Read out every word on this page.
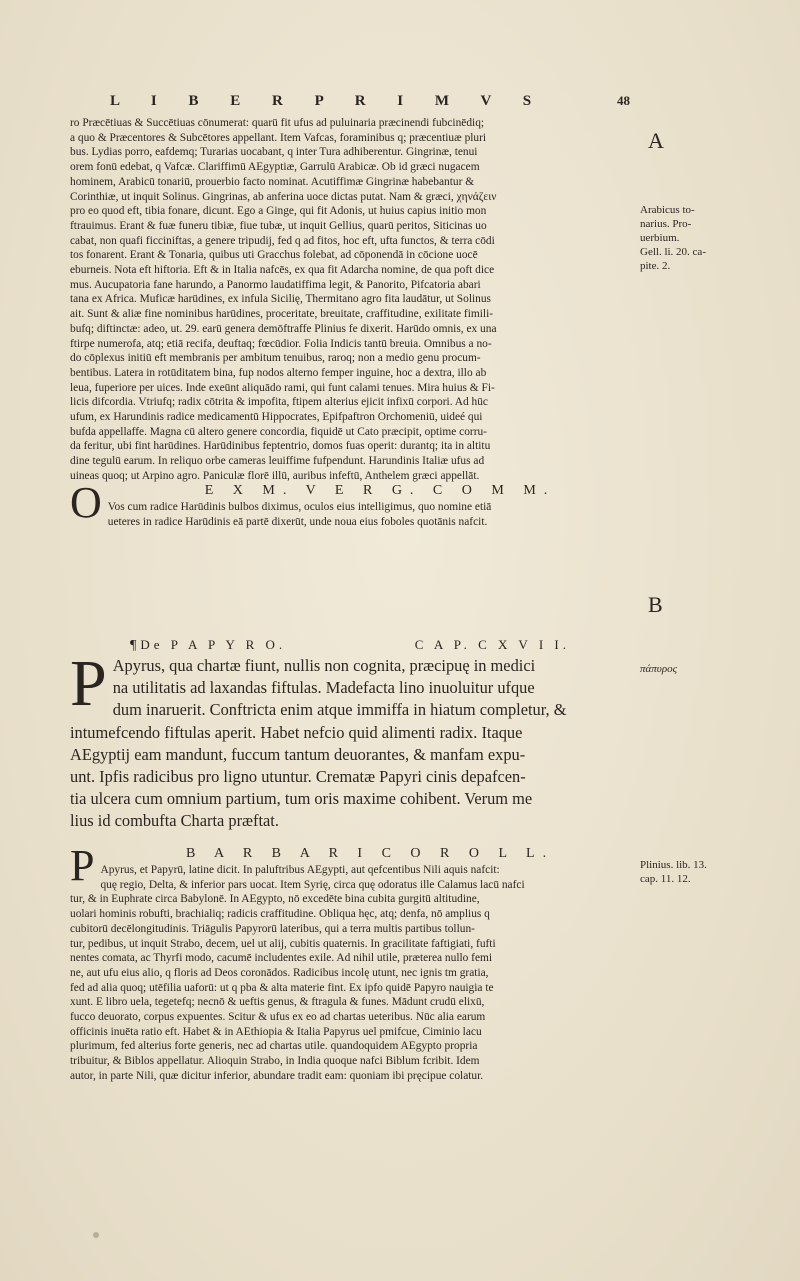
L I B E R P R I M V S	48

ro Præcētiuas & Succētiuas cōnumerat: quarū fit ufus ad puluinaria præcinendi fubcinēdiq;

a quo & Præcentores & Subcētores appellant. Item Vafcas, foraminibus q; præcentiuæ pluri

bus. Lydias porro, eafdemq; Turarias uocabant, q inter Tura adhiberentur. Gingrinæ, tenui

orem fonū edebat, q Vafcæ. Clariffimū AEgyptiæ, Garrulū Arabicæ. Ob id græci nugacem

hominem, Arabicū tonariū, prouerbio facto nominat. Acutiffimæ Gingrinæ habebantur &

Corinthiæ, ut inquit Solinus. Gingrinas, ab anferina uoce dictas putat. Nam & græci, χηνάζειν

pro eo quod eft, tibia fonare, dicunt. Ego a Ginge, qui fit Adonis, ut huius capius initio mon

ftrauimus. Erant & fuæ funeru tibiæ, fiue tubæ, ut inquit Gellius, quarū peritos, Siticinas uo

cabat, non quafi ficciniftas, a genere tripudij, fed q ad fitos, hoc eft, ufta functos, & terra cōdi

tos fonarent. Erant & Tonaria, quibus uti Gracchus folebat, ad cōponendā in cōcione uocē

eburneis. Nota eft hiftoria. Eft & in Italia nafcēs, ex qua fit Adarcha nomine, de qua poft dice

mus. Aucupatoria fane harundo, a Panormo laudatiffima legit, & Panorito, Pifcatoria abari

tana ex Africa. Muficæ harūdines, ex infula Sicilię, Thermitano agro fita laudātur, ut Solinus

ait. Sunt & aliæ fine nominibus harūdines, proceritate, breuitate, craffitudine, exilitate fimili-

bufq; diftinctæ: adeo, ut. 29. earū genera demōftraffe Plinius fe dixerit. Harūdo omnis, ex una

ftirpe numerofa, atq; etiā recifa, deuftaq; fœcūdior. Folia Indicis tantū breuia. Omnibus a no-

do cōplexus initiū eft membranis per ambitum tenuibus, raroq; non a medio genu procum-

bentibus. Latera in rotūditatem bina, fup nodos alterno femper inguine, hoc a dextra, illo ab

leua, fuperiore per uices. Inde exeūnt aliquādo rami, qui funt calami tenues. Mira huius & Fi-

licis difcordia. Vtriufq; radix cōtrita & impofita, ftipem alterius ejicit infixū corpori. Ad hūc

ufum, ex Harundinis radice medicamentū Hippocrates, Epifpaftron Orchomeniū, uideé qui

bufda appellaffe. Magna cū altero genere concordia, fiquidē ut Cato præcipit, optime corru-

da feritur, ubi fint harūdines. Harūdinibus feptentrio, domos fuas operit: durantq; ita in altitu

dine tegulū earum. In reliquo orbe cameras leuiffime fufpendunt. Harundinis Italiæ ufus ad

uineas quoq; ut Arpino agro. Paniculæ florē illū, auribus infeftū, Anthelem græci appellāt.

E X M. V E R G. C O M M.
O Vos cum radice Harūdinis bulbos diximus, oculos eius intelligimus, quo nomine etiā

ueteres in radice Harūdinis eā partē dixerūt, unde noua eius foboles quotānis nafcit.

¶De P A P Y R O.	C A P. C X V I I.
P Apyrus, qua chartæ fiunt, nullis non cognita, præcipuę in medici

na utilitatis ad laxandas fiftulas. Madefacta lino inuoluitur ufque

dum inaruerit. Conftricta enim atque immiffa in hiatum completur, &

intumefcendo fiftulas aperit. Habet nefcio quid alimenti radix. Itaque

AEgyptij eam mandunt, fuccum tantum deuorantes, & manfam expu-

unt. Ipfis radicibus pro ligno utuntur. Crematæ Papyri cinis depafcen-

tia ulcera cum omnium partium, tum oris maxime cohibent. Verum me

lius id combufta Charta præftat.

B A R B A R I C O R O L L.
P Apyrus, et Papyrū, latine dicit. In paluftribus AEgypti, aut qefcentibus Nili aquis nafcit:

quę regio, Delta, & inferior pars uocat. Item Syrię, circa quę odoratus ille Calamus lacū nafci

tur, & in Euphrate circa Babylonē. In AEgypto, nō excedēte bina cubita gurgitū altitudine,

uolari hominis robufti, brachialiq; radicis craffitudine. Obliqua hęc, atq; denfa, nō amplius q

cubitorū decēlongitudinis. Triāgulis Papyrorū lateribus, qui a terra multis partibus tollun-

tur, pedibus, ut inquit Strabo, decem, uel ut alij, cubitis quaternis. In gracilitate faftigiati, fufti

nentes comata, ac Thyrfi modo, cacumē includentes exile. Ad nihil utile, præterea nullo femi

ne, aut ufu eius alio, q floris ad Deos coronādos. Radicibus incolę utunt, nec ignis tm gratia,

fed ad alia quoq; utēfilia uaforū: ut q pba & alta materie fint. Ex ipfo quidē Papyro nauigia te

xunt. E libro uela, tegetefq; necnō & ueftis genus, & ftragula & funes. Mādunt crudū elixū,

fucco deuorato, corpus expuentes. Scitur & ufus ex eo ad chartas ueteribus. Nūc alia earum

officinis inuēta ratio eft. Habet & in AEthiopia & Italia Papyrus uel pmifcue, Ciminio lacu

plurimum, fed alterius forte generis, nec ad chartas utile. quandoquidem AEgypto propria

tribuitur, & Biblos appellatur. Alioquin Strabo, in India quoque nafci Biblum fcribit. Idem

autor, in parte Nili, quæ dicitur inferior, abundare tradit eam: quoniam ibi pręcipue colatur.

A
Arabicus to-
narius. Pro-
uerbium.
Gell. li. 20. ca-
pite. 2.
B
πάπυρος
Plinius. lib. 13.
cap. 11. 12.
